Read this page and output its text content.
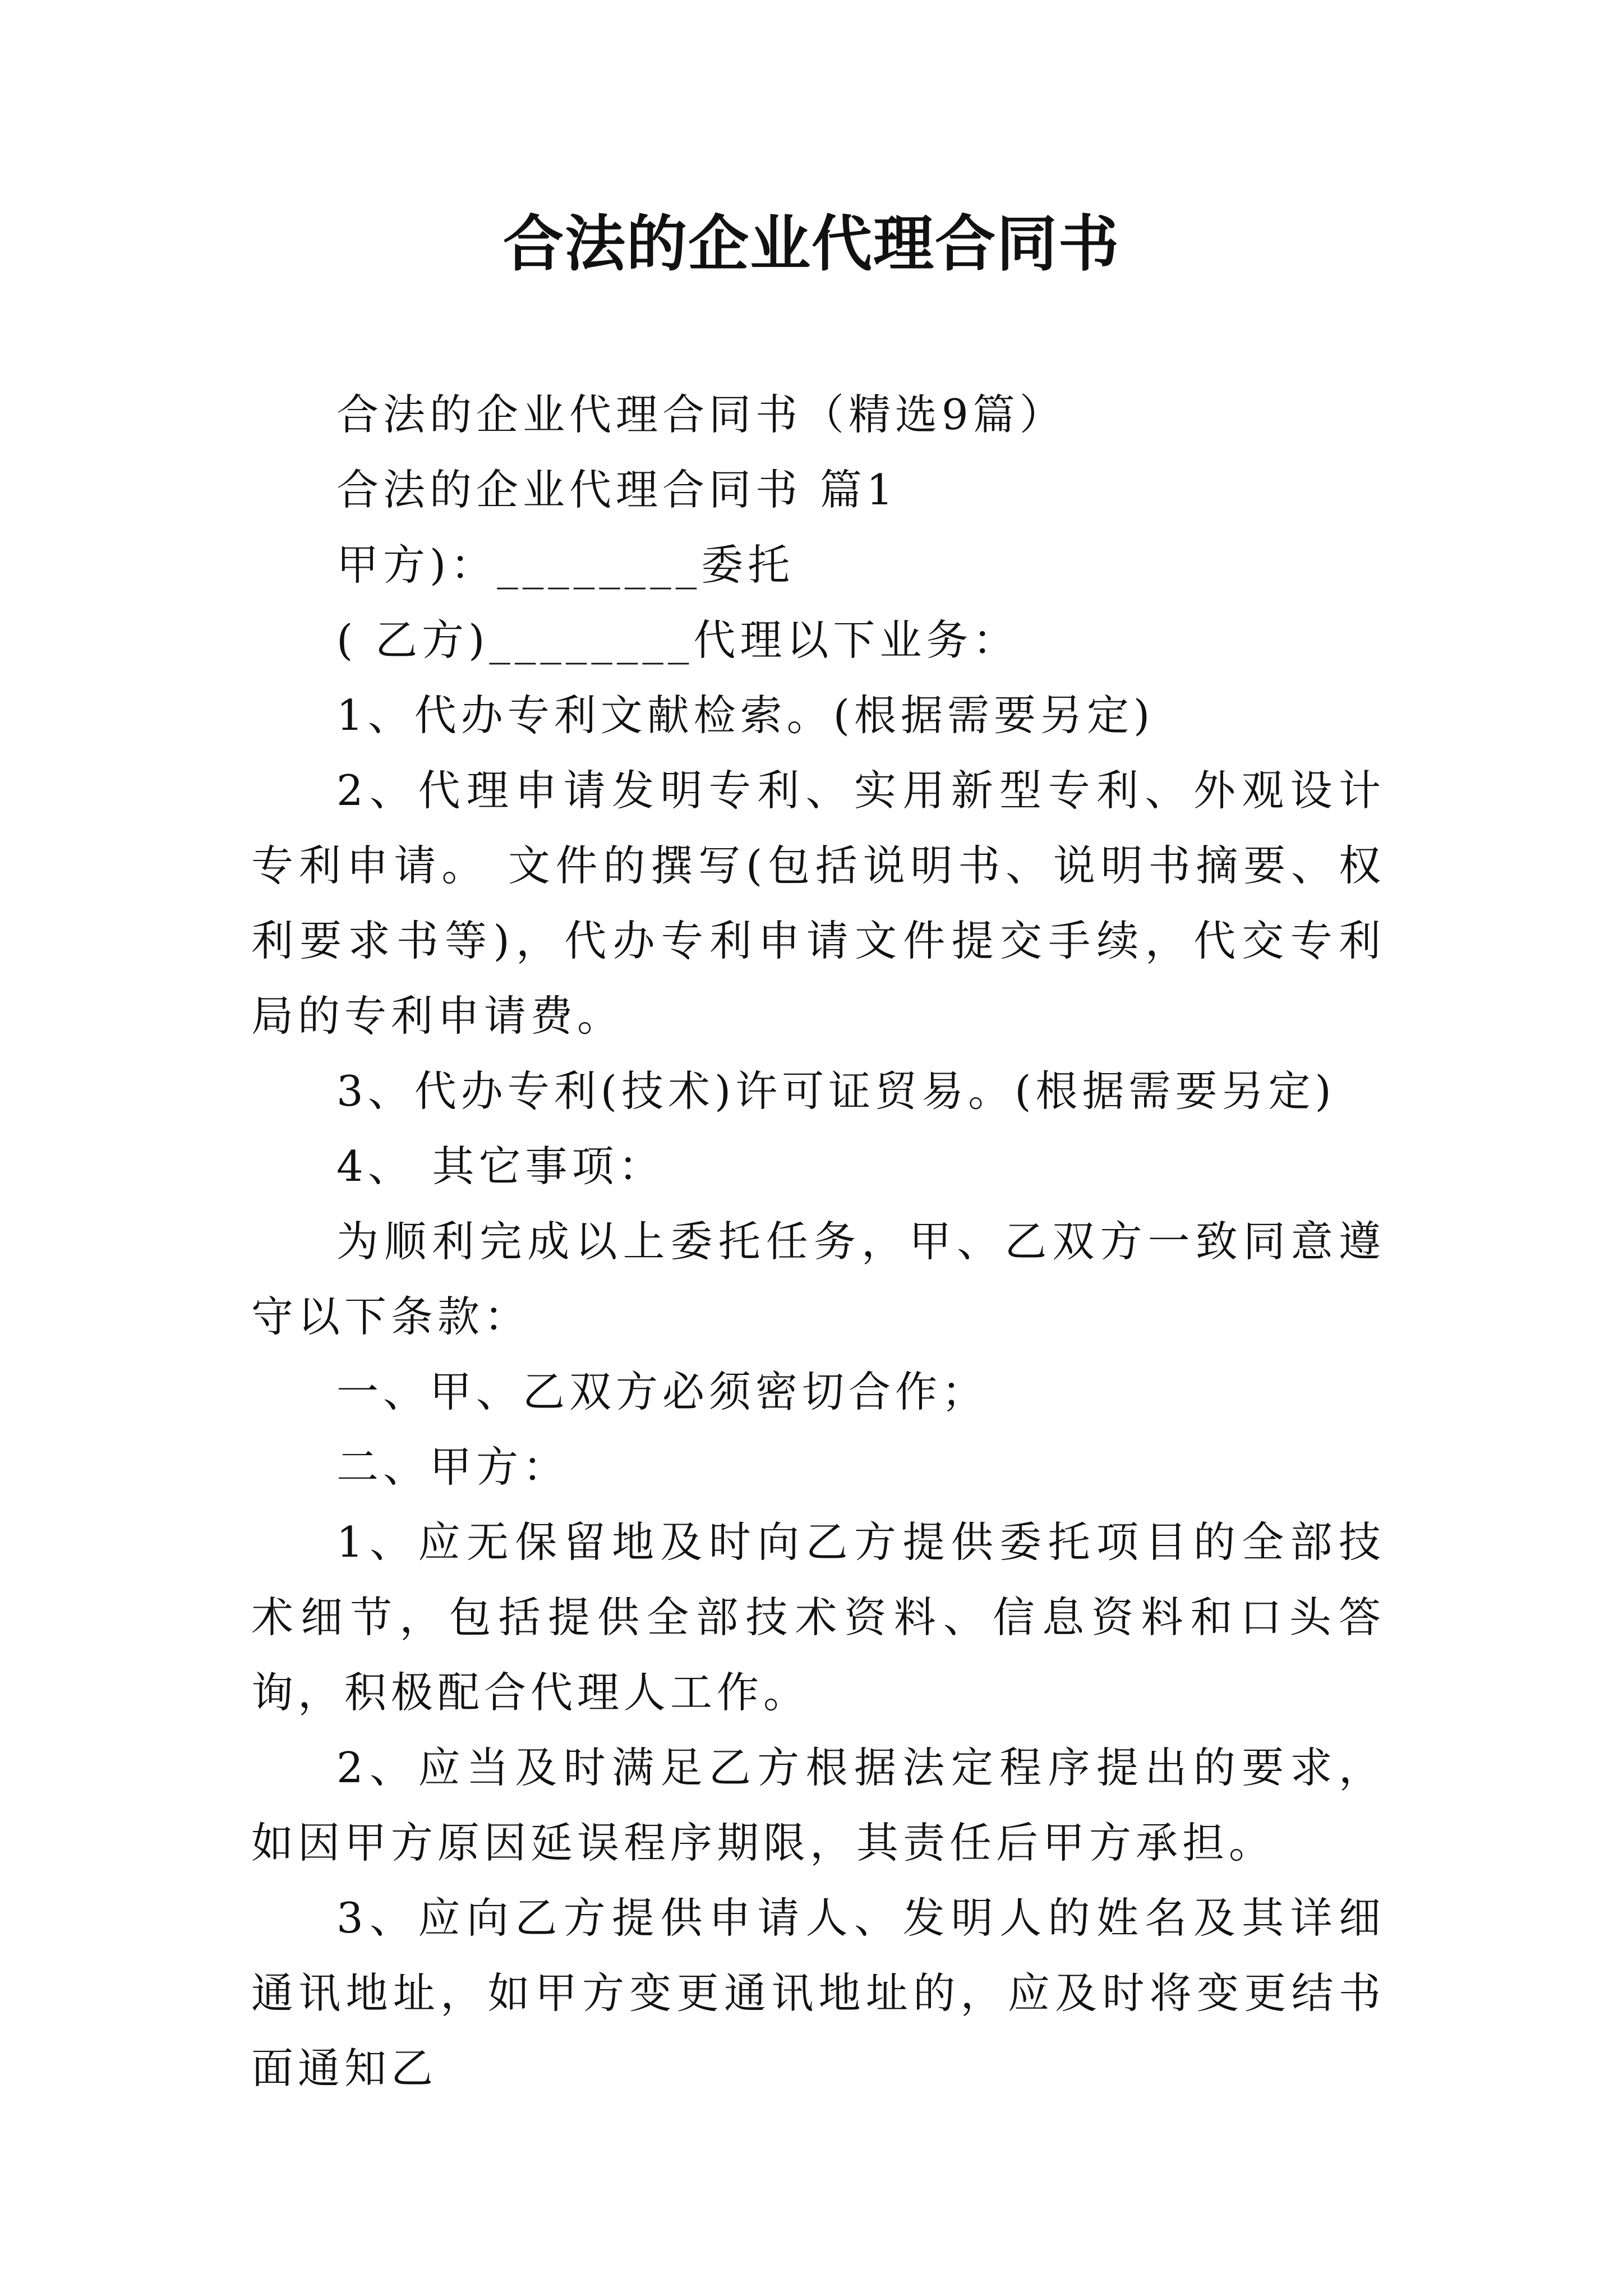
合法的企业代理合同书

合法的企业代理合同书（精选9篇）

合法的企业代理合同书 篇1

甲方)：________委托

( 乙方)________代理以下业务：

1、代办专利文献检索。(根据需要另定)

2、代理申请发明专利、实用新型专利、外观设计专利申请。 文件的撰写(包括说明书、说明书摘要、权利要求书等)，代办专利申请文件提交手续，代交专利局的专利申请费。

3、代办专利(技术)许可证贸易。(根据需要另定)

4、 其它事项：

为顺利完成以上委托任务，甲、乙双方一致同意遵守以下条款：

一、甲、乙双方必须密切合作；

二、甲方：

1、应无保留地及时向乙方提供委托项目的全部技术细节，包括提供全部技术资料、信息资料和口头答询，积极配合代理人工作。

2、应当及时满足乙方根据法定程序提出的要求，如因甲方原因延误程序期限，其责任后甲方承担。

3、应向乙方提供申请人、发明人的姓名及其详细通讯地址，如甲方变更通讯地址的，应及时将变更结书面通知乙
